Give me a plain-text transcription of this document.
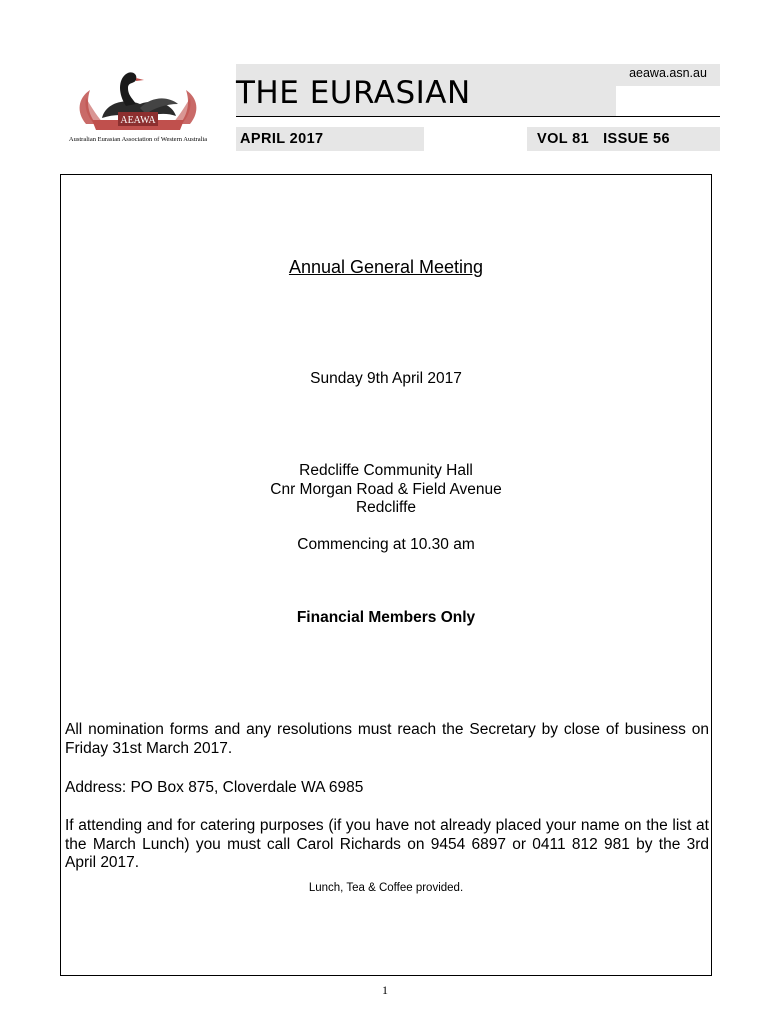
AEAWA
Australian Eurasian Association of Western Australia
THE EURASIAN
aeawa.asn.au
APRIL 2017	VOL 81 ISSUE 56
Annual General Meeting
Sunday 9th April 2017
Redcliffe Community Hall
Cnr Morgan Road & Field Avenue
Redcliffe
Commencing at 10.30 am
Financial Members Only
All nomination forms and any resolutions must reach the Secretary by close of business on Friday 31st March 2017.
Address: PO Box 875, Cloverdale WA 6985
If attending and for catering purposes (if you have not already placed your name on the list at the March Lunch) you must call Carol Richards on 9454 6897 or 0411 812 981 by the 3rd April 2017.
Lunch, Tea & Coffee provided.
1
